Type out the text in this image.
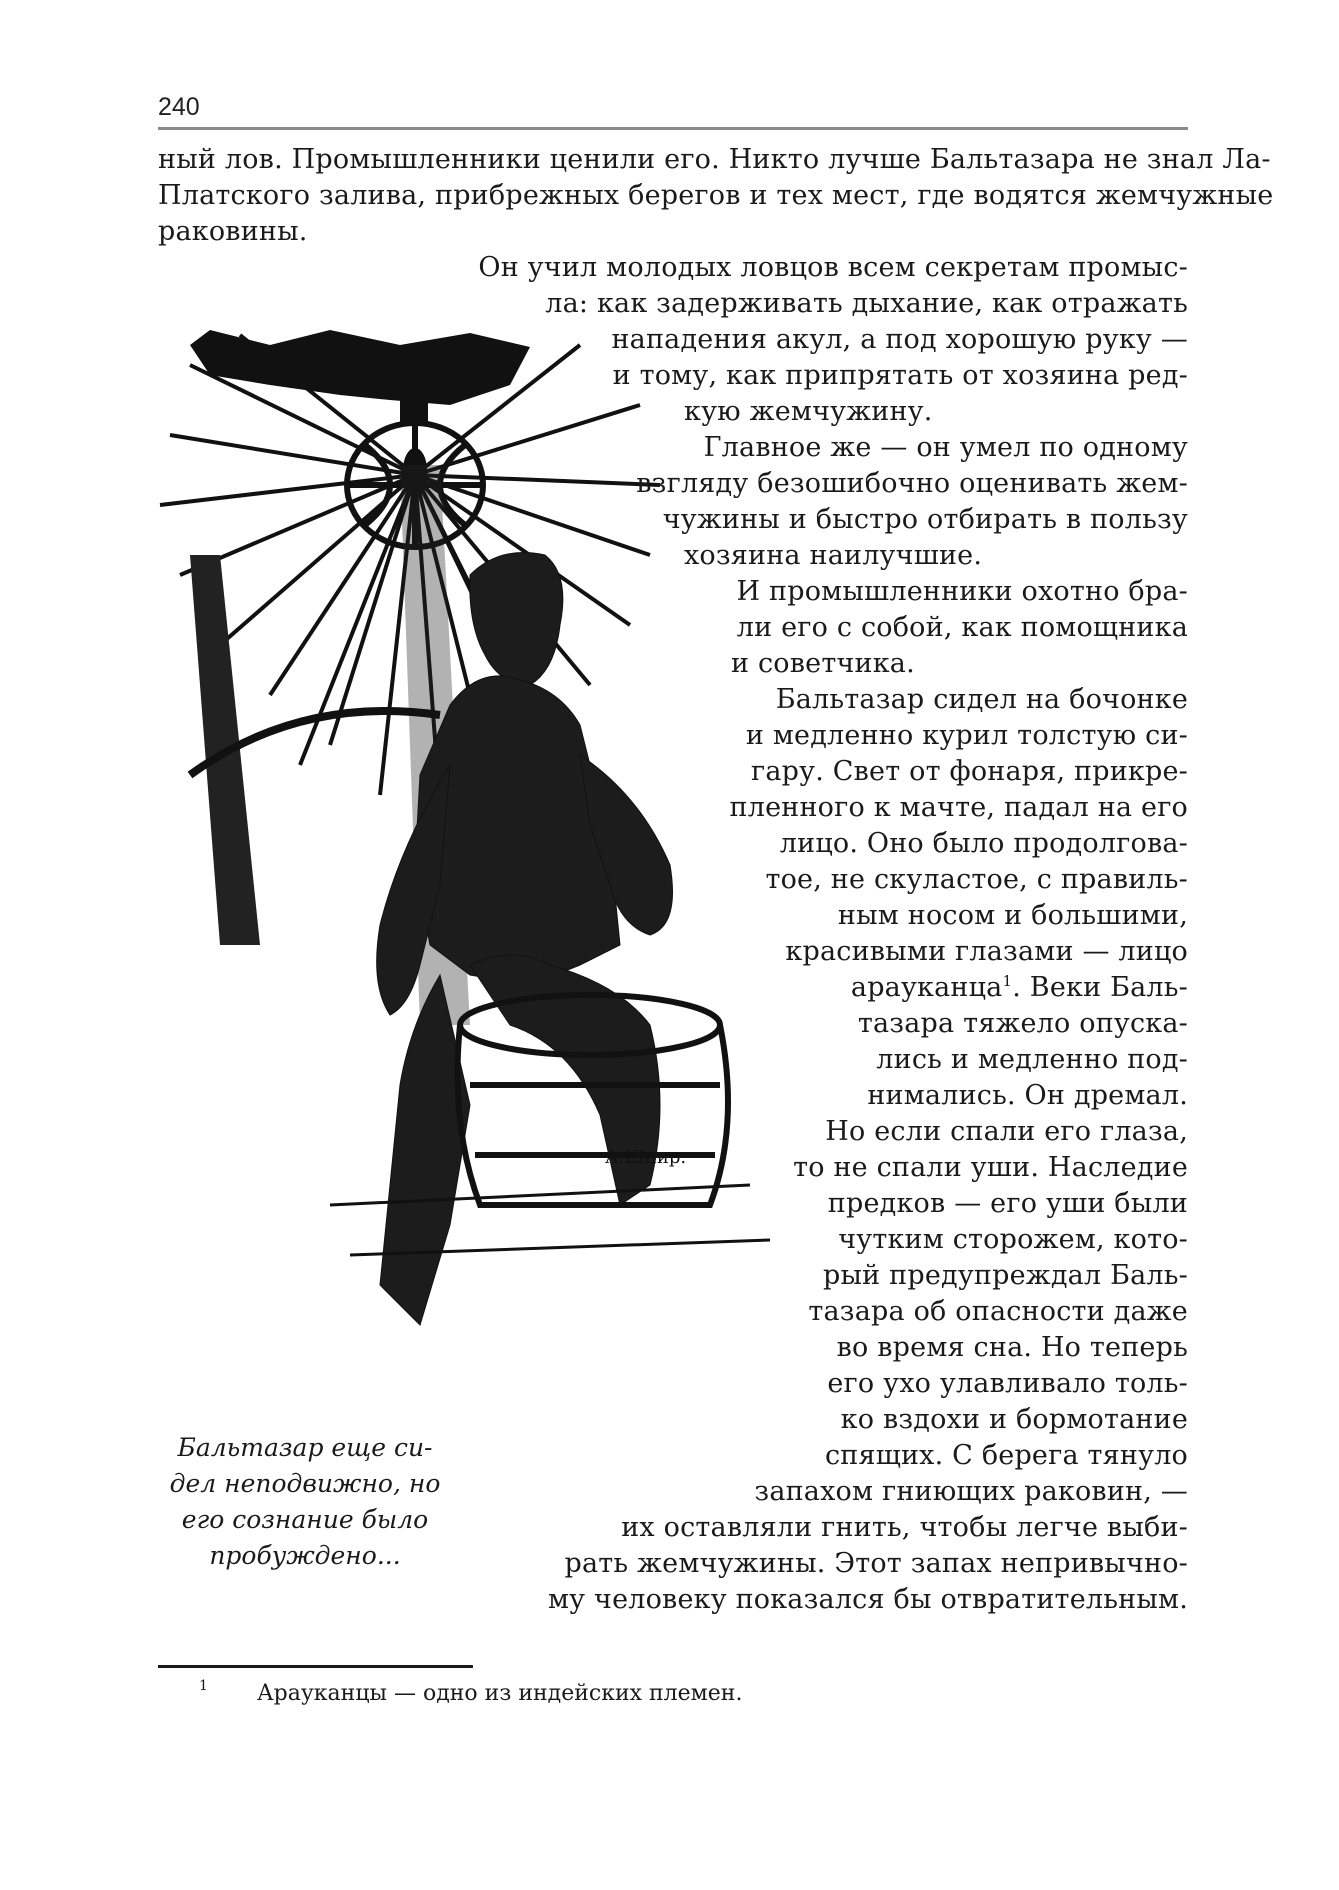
240
А.Шпир.
ный лов. Промышленники ценили его. Никто лучше Бальтазара не знал Ла-
Платского залива, прибрежных берегов и тех мест, где водятся жемчужные
раковины.
Он учил молодых ловцов всем секретам промыс-
ла: как задерживать дыхание, как отражать
нападения акул, а под хорошую руку —
и тому, как припрятать от хозяина ред-
кую жемчужину.
Главное же — он умел по одному
взгляду безошибочно оценивать жем-
чужины и быстро отбирать в пользу
хозяина наилучшие.
И промышленники охотно бра-
ли его с собой, как помощника
и советчика.
Бальтазар сидел на бочонке
и медленно курил толстую си-
гару. Свет от фонаря, прикре-
пленного к мачте, падал на его
лицо. Оно было продолгова-
тое, не скуластое, с правиль-
ным носом и большими,
красивыми глазами — лицо
арауканца$^1$. Веки Баль-
тазара тяжело опуска-
лись и медленно под-
нимались. Он дремал.
Но если спали его глаза,
то не спали уши. Наследие
предков — его уши были
чутким сторожем, кото-
рый предупреждал Баль-
тазара об опасности даже
во время сна. Но теперь
его ухо улавливало толь-
ко вздохи и бормотание
спящих. С берега тянуло
запахом гниющих раковин, —
их оставляли гнить, чтобы легче выби-
рать жемчужины. Этот запах непривычно-
му человеку показался бы отвратительным.
Бальтазар еще си-
дел неподвижно, но
его сознание было
пробуждено...
1 Арауканцы — одно из индейских племен.
